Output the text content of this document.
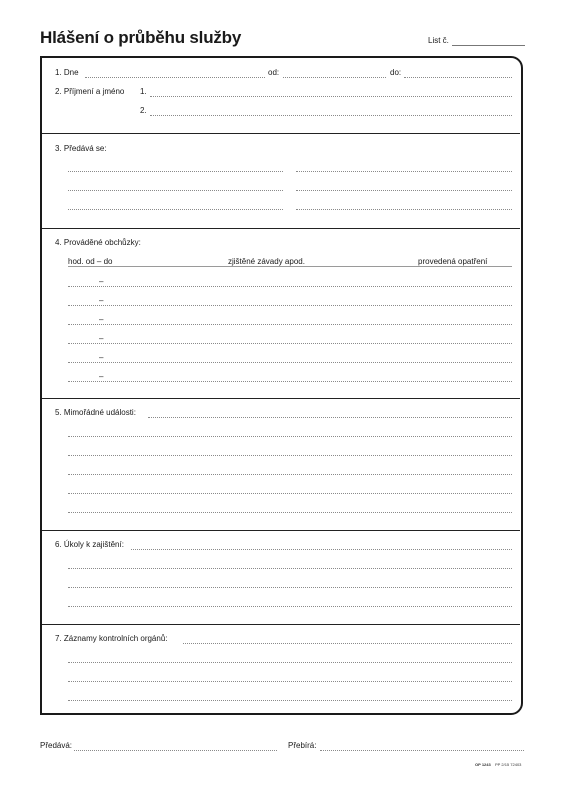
Hlášení o průběhu služby	List č.
1. Dne	od:	do:
2. Příjmení a jméno 1.
2.
3. Předává se:
4. Prováděné obchůzky:
hod. od – do	zjištěné závady apod.	provedená opatření
–
–
–
–
–
–
5. Mimořádné události:
6. Úkoly k zajištění:
7. Záznamy kontrolních orgánů:
Předává:	Přebírá:
OP 1243 PP 2/15 72403
